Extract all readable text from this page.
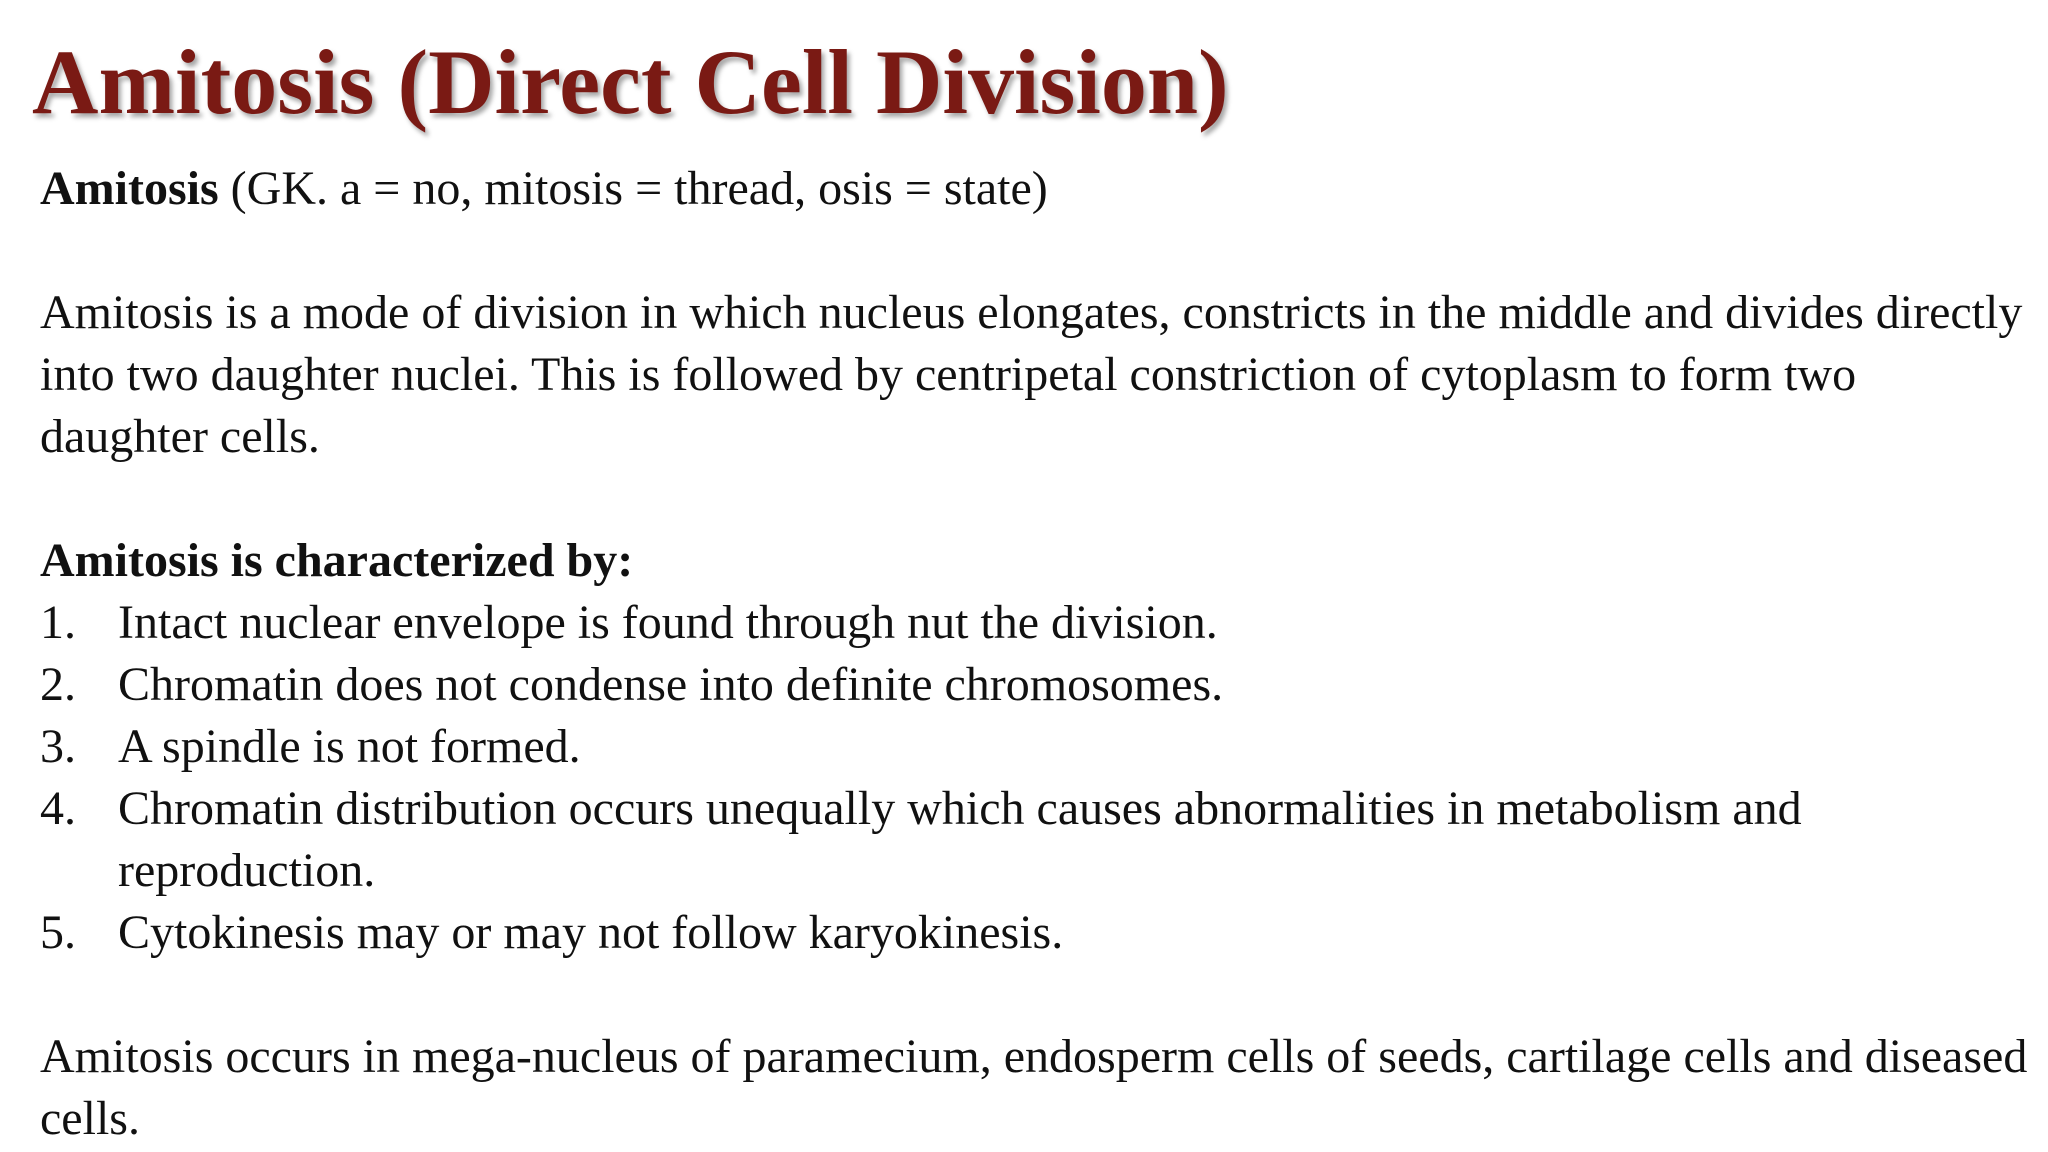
Amitosis (Direct Cell Division)

Amitosis (GK. a = no, mitosis = thread, osis = state)

Amitosis is a mode of division in which nucleus elongates, constricts in the middle and divides directly into two daughter nuclei. This is followed by centripetal constriction of cytoplasm to form two daughter cells.

Amitosis is characterized by:

1. Intact nuclear envelope is found through nut the division.
2. Chromatin does not condense into definite chromosomes.
3. A spindle is not formed.
4. Chromatin distribution occurs unequally which causes abnormalities in metabolism and reproduction.
5. Cytokinesis may or may not follow karyokinesis.

Amitosis occurs in mega-nucleus of paramecium, endosperm cells of seeds, cartilage cells and diseased cells.
